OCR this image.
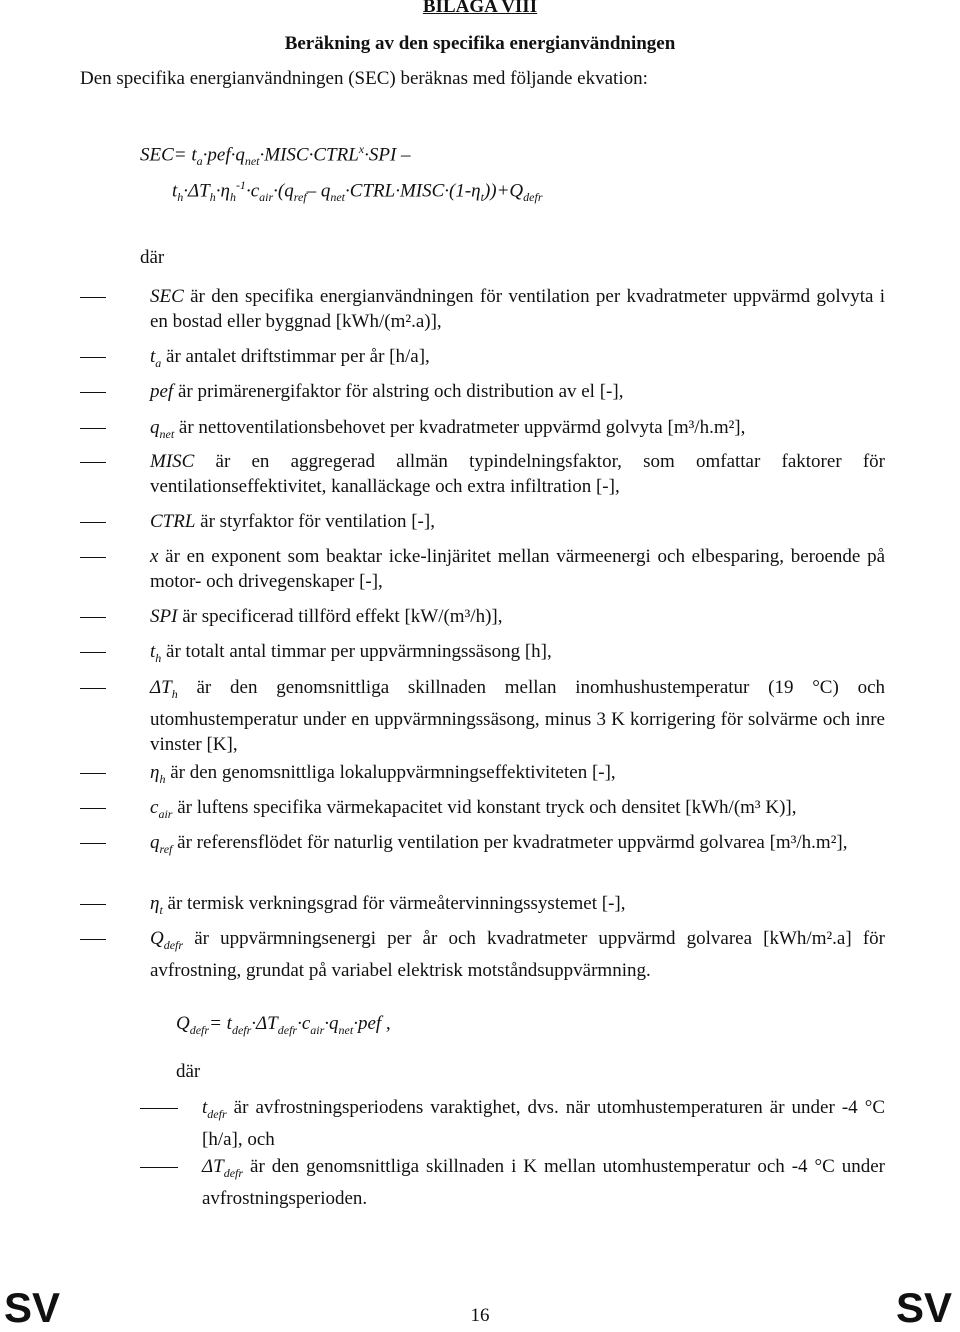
BILAGA VIII
Beräkning av den specifika energianvändningen
Den specifika energianvändningen (SEC) beräknas med följande ekvation:
$SEC= t_a\cdot pef\cdot q_{net}\cdot MISC\cdot CTRL^x\cdot SPI$ –
$t_h\cdot\Delta T_h\cdot\eta_h^{-1}\cdot c_{air}\cdot(q_{ref}-$ $q_{net}\cdot CTRL\cdot MISC\cdot(1-\eta_t))+Q_{defr}$
där
SEC är den specifika energianvändningen för ventilation per kvadratmeter uppvärmd golvyta i en bostad eller byggnad [kWh/(m².a)],
$t_a$ är antalet driftstimmar per år [h/a],
pef är primärenergifaktor för alstring och distribution av el [-],
$q_{net}$ är nettoventilationsbehovet per kvadratmeter uppvärmd golvyta [m³/h.m²],
MISC är en aggregerad allmän typindelningsfaktor, som omfattar faktorer för ventilationseffektivitet, kanalläckage och extra infiltration [-],
CTRL är styrfaktor för ventilation [-],
x är en exponent som beaktar icke-linjäritet mellan värmeenergi och elbesparing, beroende på motor- och drivegenskaper [-],
SPI är specificerad tillförd effekt [kW/(m³/h)],
$t_h$ är totalt antal timmar per uppvärmningssäsong [h],
$\Delta T_h$ är den genomsnittliga skillnaden mellan inomhushustemperatur (19 °C) och utomhustemperatur under en uppvärmningssäsong, minus 3 K korrigering för solvärme och inre vinster [K],
$\eta_h$ är den genomsnittliga lokaluppvärmningseffektiviteten [-],
$c_{air}$ är luftens specifika värmekapacitet vid konstant tryck och densitet [kWh/(m³ K)],
$q_{ref}$ är referensflödet för naturlig ventilation per kvadratmeter uppvärmd golvarea [m³/h.m²],
$\eta_t$ är termisk verkningsgrad för värmeåtervinningssystemet [-],
$Q_{defr}$ är uppvärmningsenergi per år och kvadratmeter uppvärmd golvarea [kWh/m².a] för avfrostning, grundat på variabel elektrisk motståndsuppvärmning.
$Q_{defr}= t_{defr}\cdot\Delta T_{defr}\cdot c_{air}\cdot q_{net}\cdot pef$ ,
där
$t_{defr}$ är avfrostningsperiodens varaktighet, dvs. när utomhustemperaturen är under -4 °C [h/a], och
$\Delta T_{defr}$ är den genomsnittliga skillnaden i K mellan utomhustemperatur och -4 °C under avfrostningsperioden.
SV	16	SV
